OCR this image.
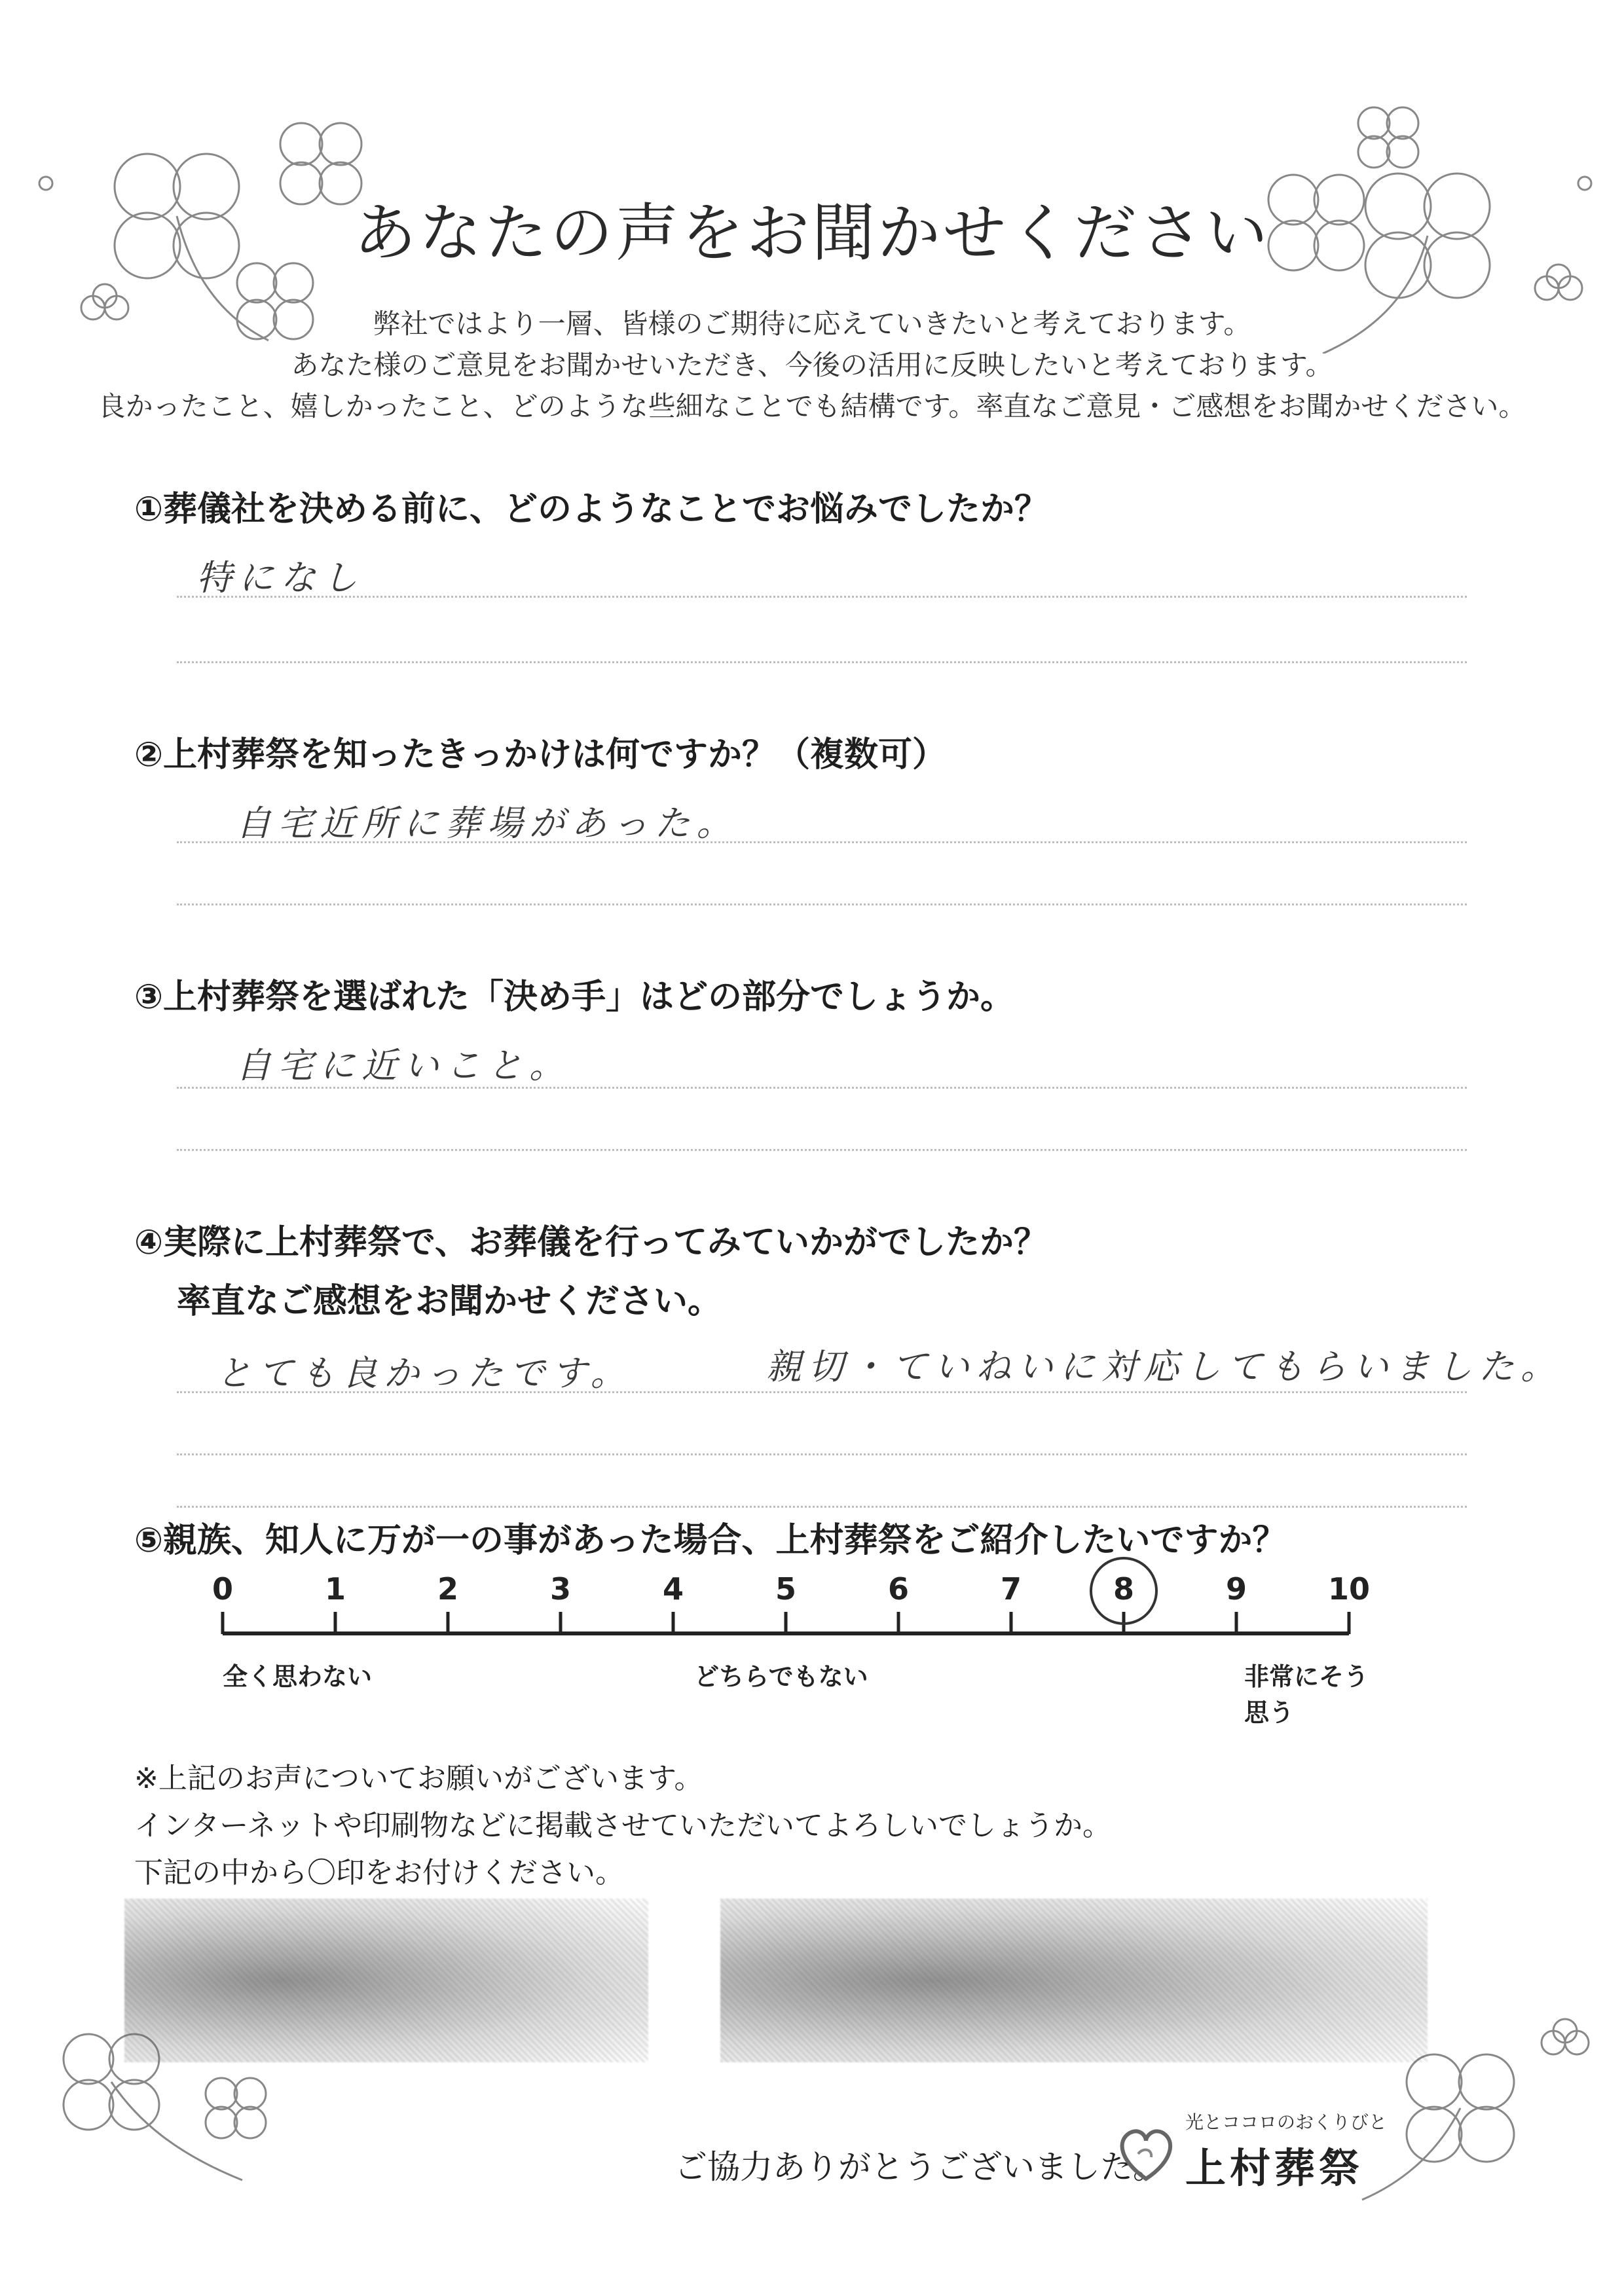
あなたの声をお聞かせください
弊社ではより一層、皆様のご期待に応えていきたいと考えております。
あなた様のご意見をお聞かせいただき、今後の活用に反映したいと考えております。
良かったこと、嬉しかったこと、どのような些細なことでも結構です。率直なご意見・ご感想をお聞かせください。
①葬儀社を決める前に、どのようなことでお悩みでしたか？
特になし
②上村葬祭を知ったきっかけは何ですか？（複数可）
自宅近所に葬場があった。
③上村葬祭を選ばれた「決め手」はどの部分でしょうか。
自宅に近いこと。
④実際に上村葬祭で、お葬儀を行ってみていかがでしたか？
率直なご感想をお聞かせください。
とても良かったです。	親切・ていねいに対応してもらいました。
⑤親族、知人に万が一の事があった場合、上村葬祭をご紹介したいですか？
0	1	2	3	4	5	6	7	8	9	10
全く思わない	どちらでもない	非常にそう思う
※上記のお声についてお願いがございます。
インターネットや印刷物などに掲載させていただいてよろしいでしょうか。
下記の中から〇印をお付けください。
ご協力ありがとうございました。
光とココロのおくりびと
上村葬祭
